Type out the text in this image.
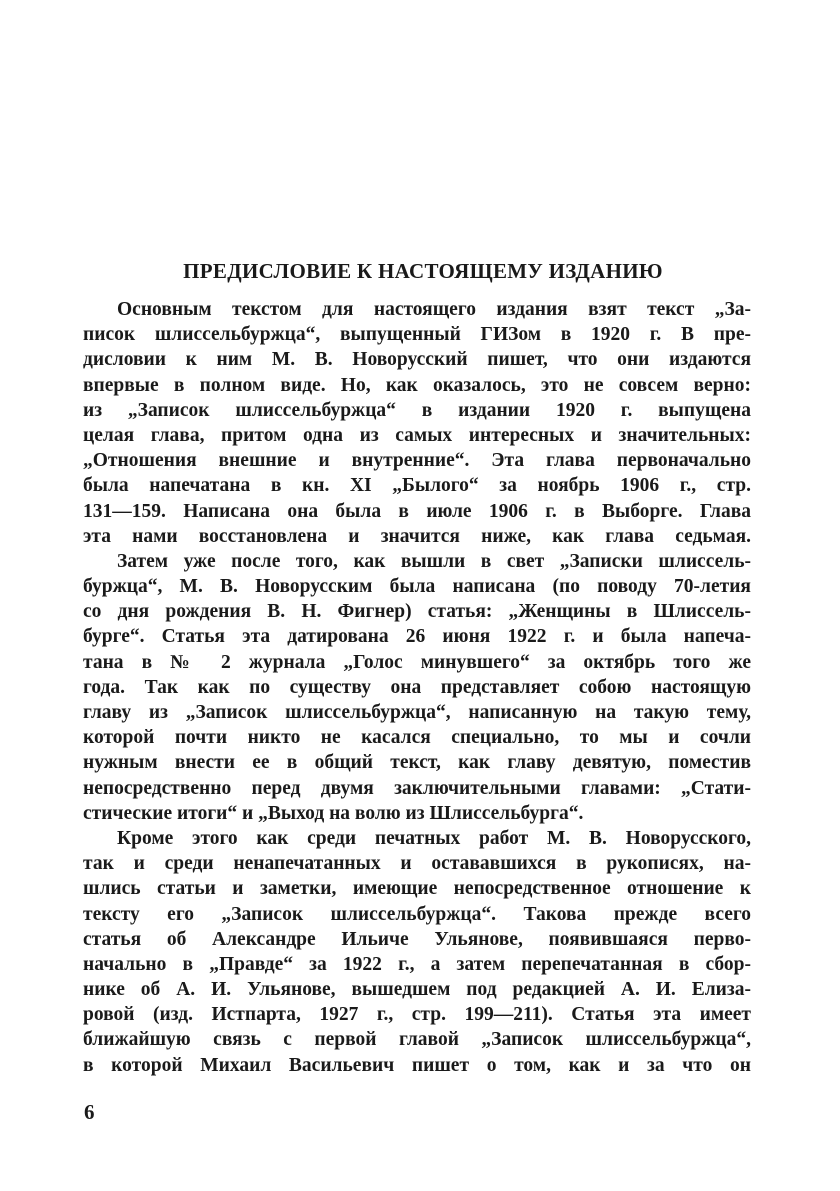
ПРЕДИСЛОВИЕ К НАСТОЯЩЕМУ ИЗДАНИЮ
Основным текстом для настоящего издания взят текст „За-
писок шлиссельбуржца“, выпущенный ГИЗом в 1920 г. В пре-
дисловии к ним М. В. Новорусский пишет, что они издаются
впервые в полном виде. Но, как оказалось, это не совсем верно:
из „Записок шлиссельбуржца“ в издании 1920 г. выпущена
целая глава, притом одна из самых интересных и значительных:
„Отношения внешние и внутренние“. Эта глава первоначально
была напечатана в кн. XI „Былого“ за ноябрь 1906 г., стр.
131—159. Написана она была в июле 1906 г. в Выборге. Глава
эта нами восстановлена и значится ниже, как глава седьмая.
Затем уже после того, как вышли в свет „Записки шлиссель-
буржца“, М. В. Новорусским была написана (по поводу 70-летия
со дня рождения В. Н. Фигнер) статья: „Женщины в Шлиссель-
бурге“. Статья эта датирована 26 июня 1922 г. и была напеча-
тана в № 2 журнала „Голос минувшего“ за октябрь того же
года. Так как по существу она представляет собою настоящую
главу из „Записок шлиссельбуржца“, написанную на такую тему,
которой почти никто не касался специально, то мы и сочли
нужным внести ее в общий текст, как главу девятую, поместив
непосредственно перед двумя заключительными главами: „Стати-
стические итоги“ и „Выход на волю из Шлиссельбурга“.
Кроме этого как среди печатных работ М. В. Новорусского,
так и среди ненапечатанных и остававшихся в рукописях, на-
шлись статьи и заметки, имеющие непосредственное отношение к
тексту его „Записок шлиссельбуржца“. Такова прежде всего
статья об Александре Ильиче Ульянове, появившаяся перво-
начально в „Правде“ за 1922 г., а затем перепечатанная в сбор-
нике об А. И. Ульянове, вышедшем под редакцией А. И. Елиза-
ровой (изд. Истпарта, 1927 г., стр. 199—211). Статья эта имеет
ближайшую связь с первой главой „Записок шлиссельбуржца“,
в которой Михаил Васильевич пишет о том, как и за что он
6
